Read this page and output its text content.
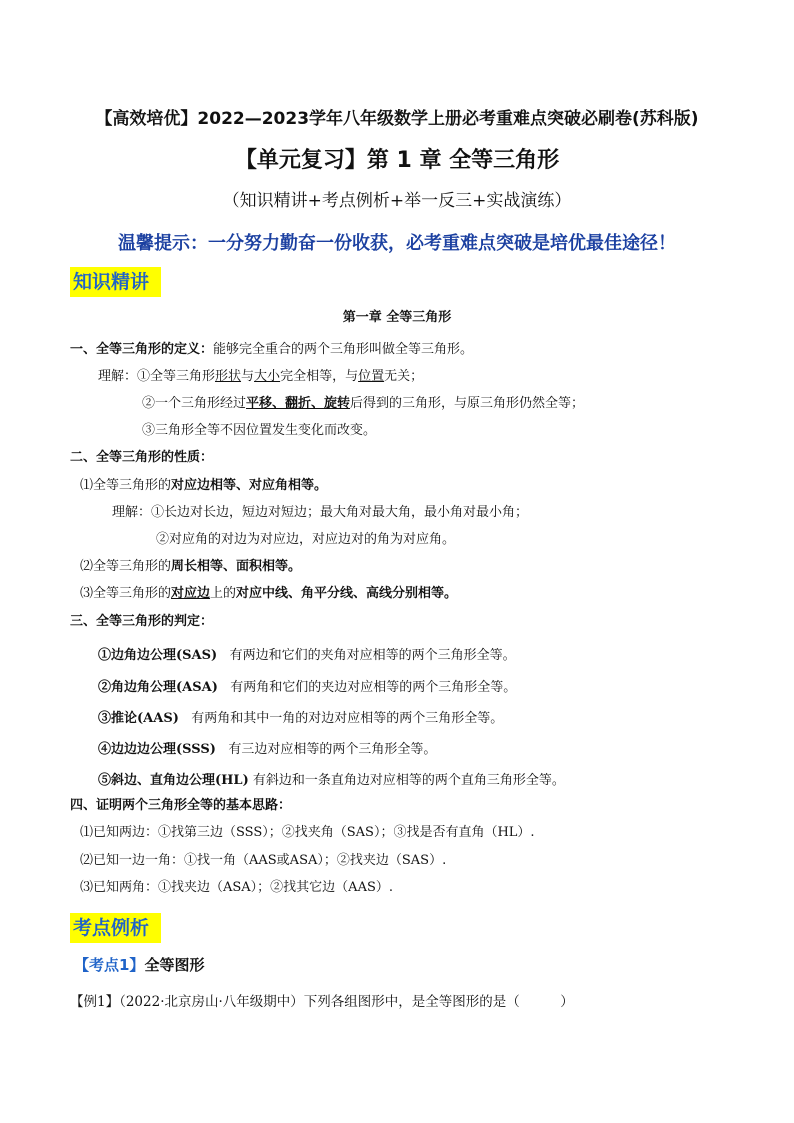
【高效培优】2022—2023学年八年级数学上册必考重难点突破必刷卷(苏科版)
【单元复习】第 1 章 全等三角形
（知识精讲+考点例析+举一反三+实战演练）
温馨提示：一分努力勤奋一份收获，必考重难点突破是培优最佳途径！
知识精讲
第一章 全等三角形
一、全等三角形的定义：能够完全重合的两个三角形叫做全等三角形。
理解：①全等三角形形状与大小完全相等，与位置无关；
②一个三角形经过平移、翻折、旋转后得到的三角形，与原三角形仍然全等；
③三角形全等不因位置发生变化而改变。
二、全等三角形的性质：
⑴全等三角形的对应边相等、对应角相等。
理解：①长边对长边，短边对短边；最大角对最大角，最小角对最小角；
②对应角的对边为对应边，对应边对的角为对应角。
⑵全等三角形的周长相等、面积相等。
⑶全等三角形的对应边上的对应中线、角平分线、高线分别相等。
三、全等三角形的判定：
①边角边公理(SAS) 有两边和它们的夹角对应相等的两个三角形全等。
②角边角公理(ASA) 有两角和它们的夹边对应相等的两个三角形全等。
③推论(AAS) 有两角和其中一角的对边对应相等的两个三角形全等。
④边边边公理(SSS) 有三边对应相等的两个三角形全等。
⑤斜边、直角边公理(HL) 有斜边和一条直角边对应相等的两个直角三角形全等。
四、证明两个三角形全等的基本思路：
⑴已知两边：①找第三边（SSS）；②找夹角（SAS）；③找是否有直角（HL）.
⑵已知一边一角：①找一角（AAS或ASA）；②找夹边（SAS）.
⑶已知两角：①找夹边（ASA）；②找其它边（AAS）.
考点例析
【考点1】全等图形
【例1】（2022·北京房山·八年级期中）下列各组图形中，是全等图形的是（　　　）
